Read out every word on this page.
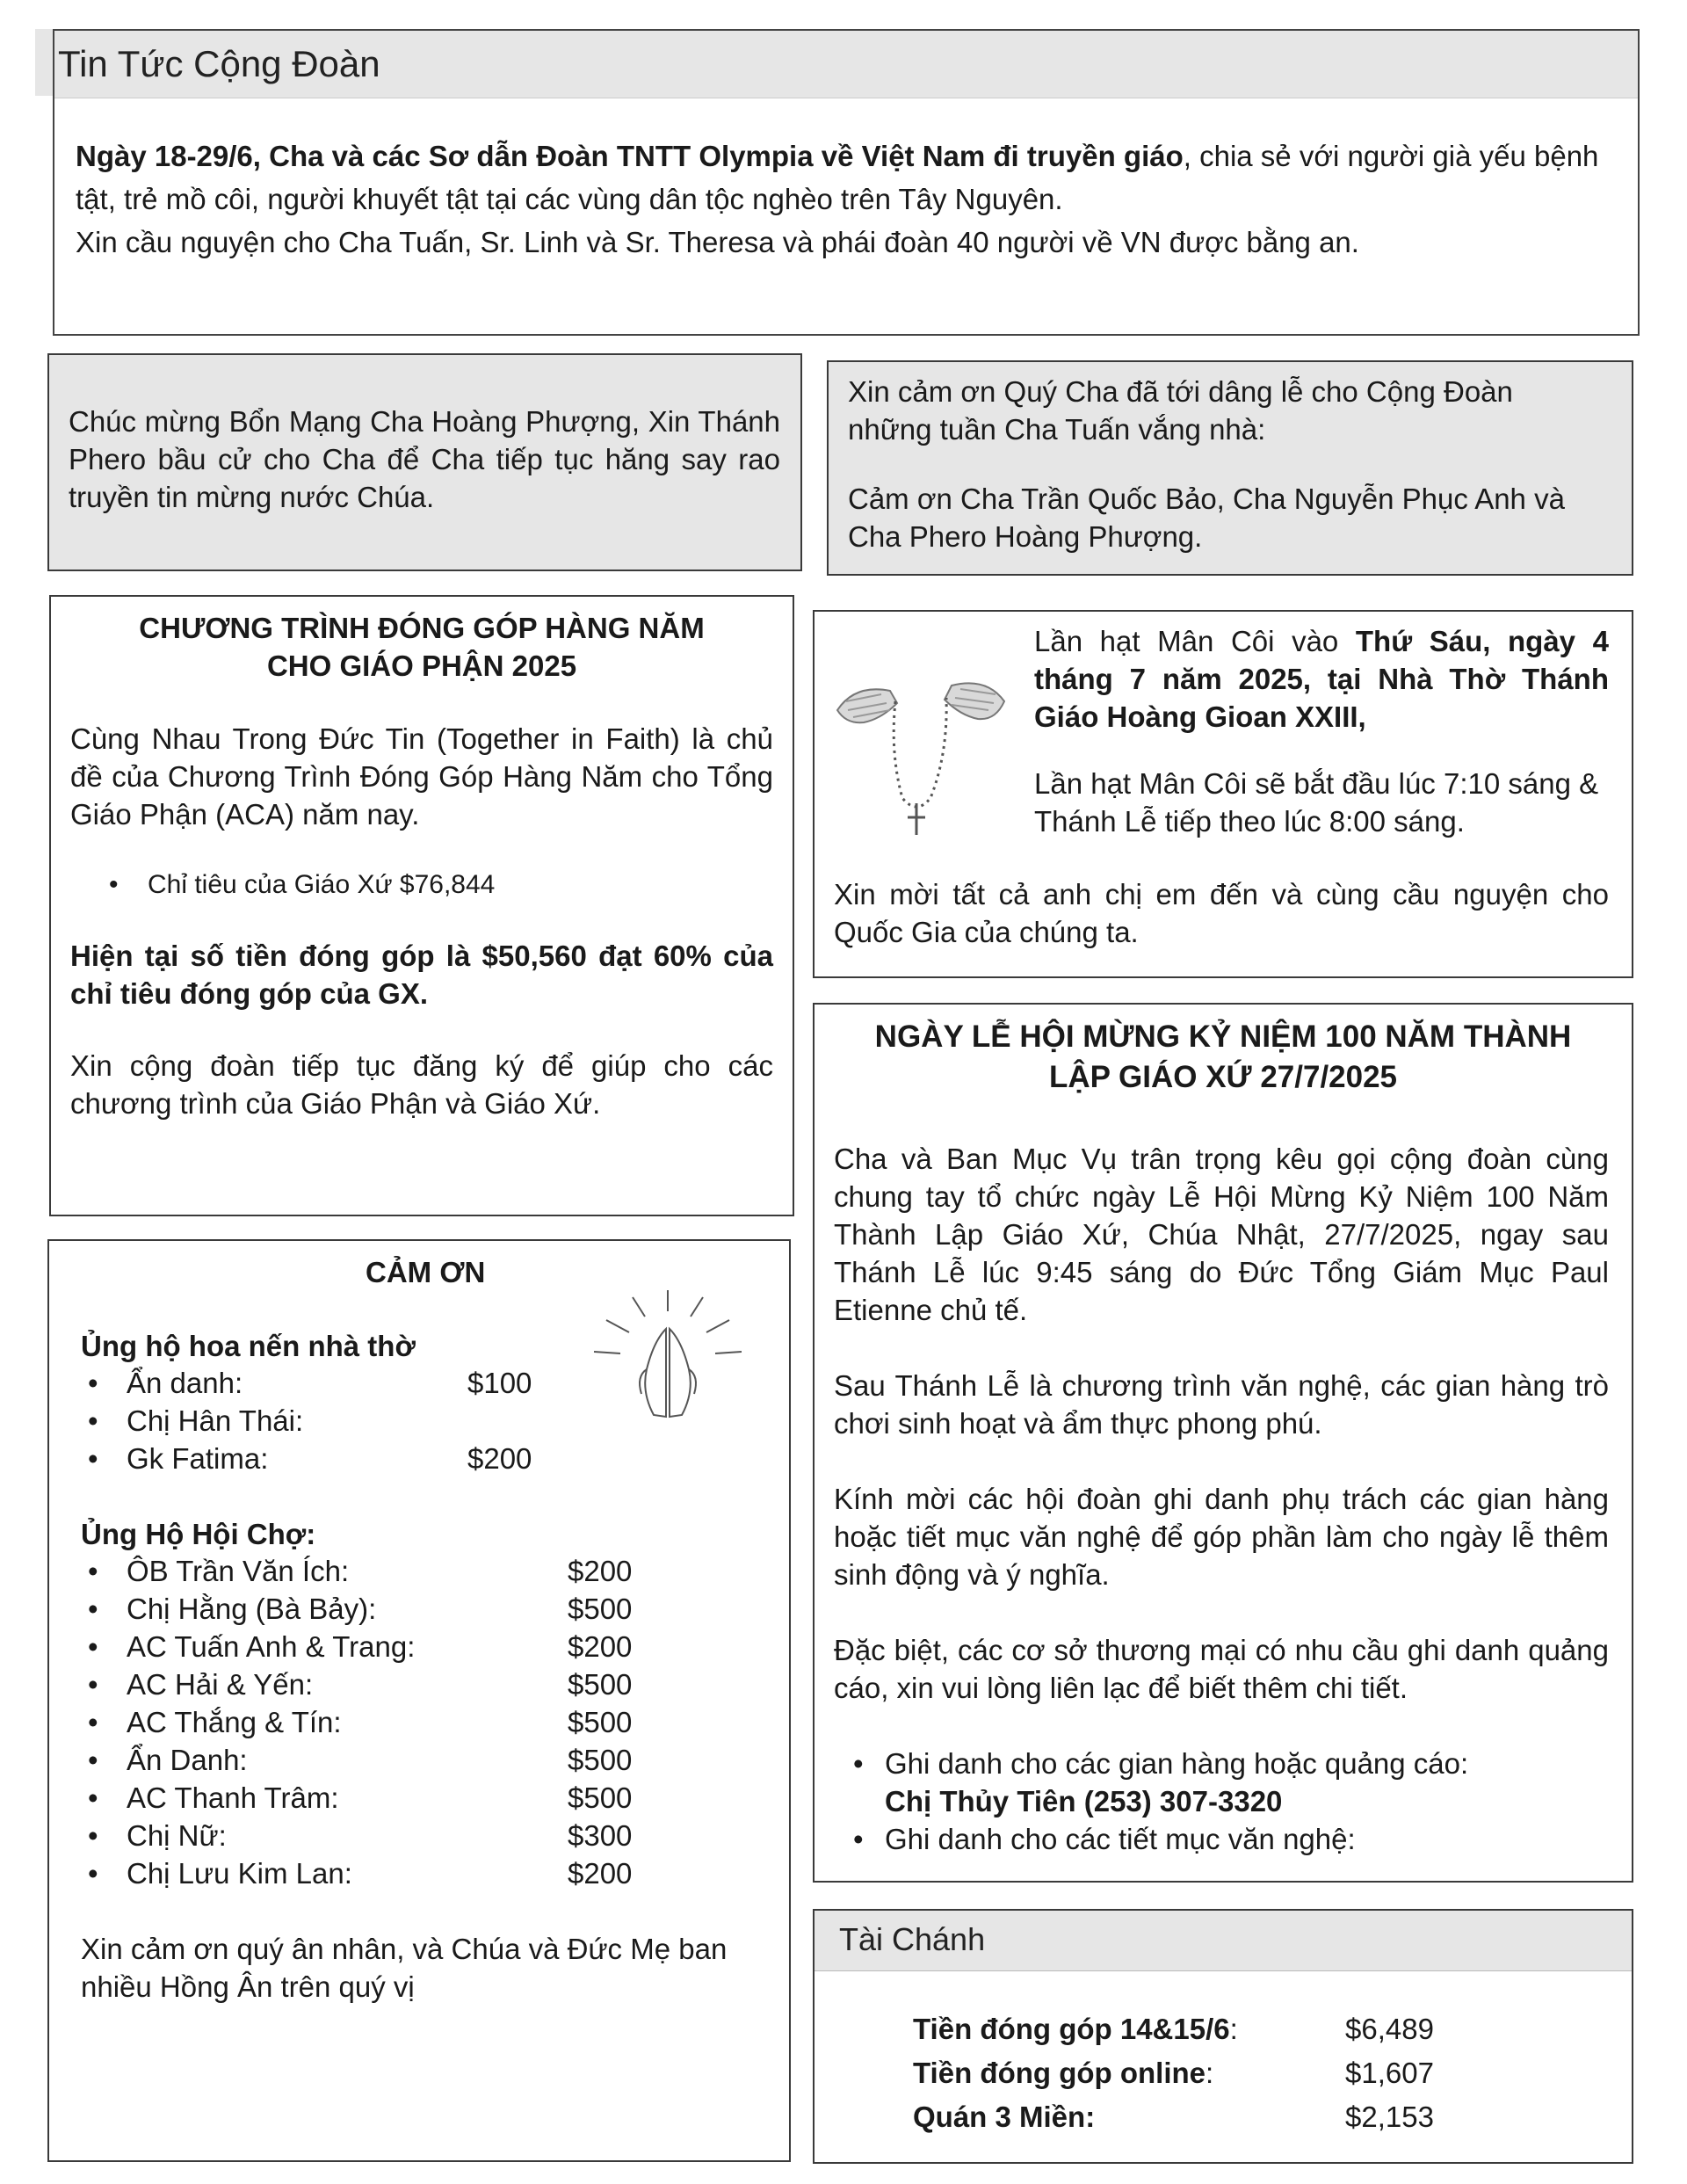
Tin Tức Cộng Đoàn

Ngày 18-29/6, Cha và các Sơ dẫn Đoàn TNTT Olympia về Việt Nam đi truyền giáo, chia sẻ với người già yếu bệnh tật, trẻ mồ côi, người khuyết tật tại các vùng dân tộc nghèo trên Tây Nguyên.

Xin cầu nguyện cho Cha Tuấn, Sr. Linh và Sr. Theresa và phái đoàn 40 người về VN được bằng an.

Chúc mừng Bổn Mạng Cha Hoàng Phượng, Xin Thánh Phero bầu cử cho Cha để Cha tiếp tục hăng say rao truyền tin mừng nước Chúa.

Xin cảm ơn Quý Cha đã tới dâng lễ cho Cộng Đoàn những tuần Cha Tuấn vắng nhà:

Cảm ơn Cha Trần Quốc Bảo, Cha Nguyễn Phục Anh và Cha Phero Hoàng Phượng.

CHƯƠNG TRÌNH ĐÓNG GÓP HÀNG NĂM

CHO GIÁO PHẬN 2025

Cùng Nhau Trong Đức Tin (Together in Faith) là chủ đề của Chương Trình Đóng Góp Hàng Năm cho Tổng Giáo Phận (ACA) năm nay.

• Chỉ tiêu của Giáo Xứ $76,844

Hiện tại số tiền đóng góp là $50,560 đạt 60% của chỉ tiêu đóng góp của GX.

Xin cộng đoàn tiếp tục đăng ký để giúp cho các chương trình của Giáo Phận và Giáo Xứ.

Lần hạt Mân Côi vào Thứ Sáu, ngày 4 tháng 7 năm 2025, tại Nhà Thờ Thánh Giáo Hoàng Gioan XXIII,

Lần hạt Mân Côi sẽ bắt đầu lúc 7:10 sáng & Thánh Lễ tiếp theo lúc 8:00 sáng.

Xin mời tất cả anh chị em đến và cùng cầu nguyện cho Quốc Gia của chúng ta.

NGÀY LỄ HỘI MỪNG KỶ NIỆM 100 NĂM THÀNH

LẬP GIÁO XỨ 27/7/2025

Cha và Ban Mục Vụ trân trọng kêu gọi cộng đoàn cùng chung tay tổ chức ngày Lễ Hội Mừng Kỷ Niệm 100 Năm Thành Lập Giáo Xứ, Chúa Nhật, 27/7/2025, ngay sau Thánh Lễ lúc 9:45 sáng do Đức Tổng Giám Mục Paul Etienne chủ tế.

Sau Thánh Lễ là chương trình văn nghệ, các gian hàng trò chơi sinh hoạt và ẩm thực phong phú.

Kính mời các hội đoàn ghi danh phụ trách các gian hàng hoặc tiết mục văn nghệ để góp phần làm cho ngày lễ thêm sinh động và ý nghĩa.

Đặc biệt, các cơ sở thương mại có nhu cầu ghi danh quảng cáo, xin vui lòng liên lạc để biết thêm chi tiết.

• Ghi danh cho các gian hàng hoặc quảng cáo:
Chị Thủy Tiên (253) 307-3320
• Ghi danh cho các tiết mục văn nghệ:

CẢM ƠN

Ủng hộ hoa nến nhà thờ

• Ẩn danh:	$100
• Chị Hân Thái:
• Gk Fatima:	$200

Ủng Hộ Hội Chợ:

• ÔB Trần Văn Ích:	$200
• Chị Hằng (Bà Bảy):	$500
• AC Tuấn Anh & Trang:	$200
• AC Hải & Yến:	$500
• AC Thắng & Tín:	$500
• Ẩn Danh:	$500
• AC Thanh Trâm:	$500
• Chị Nữ:	$300
• Chị Lưu Kim Lan:	$200

Xin cảm ơn quý ân nhân, và Chúa và Đức Mẹ ban nhiều Hồng Ân trên quý vị

Tài Chánh
Tiền đóng góp 14&15/6:	$6,489
Tiền đóng góp online:	$1,607
Quán 3 Miền:	$2,153
